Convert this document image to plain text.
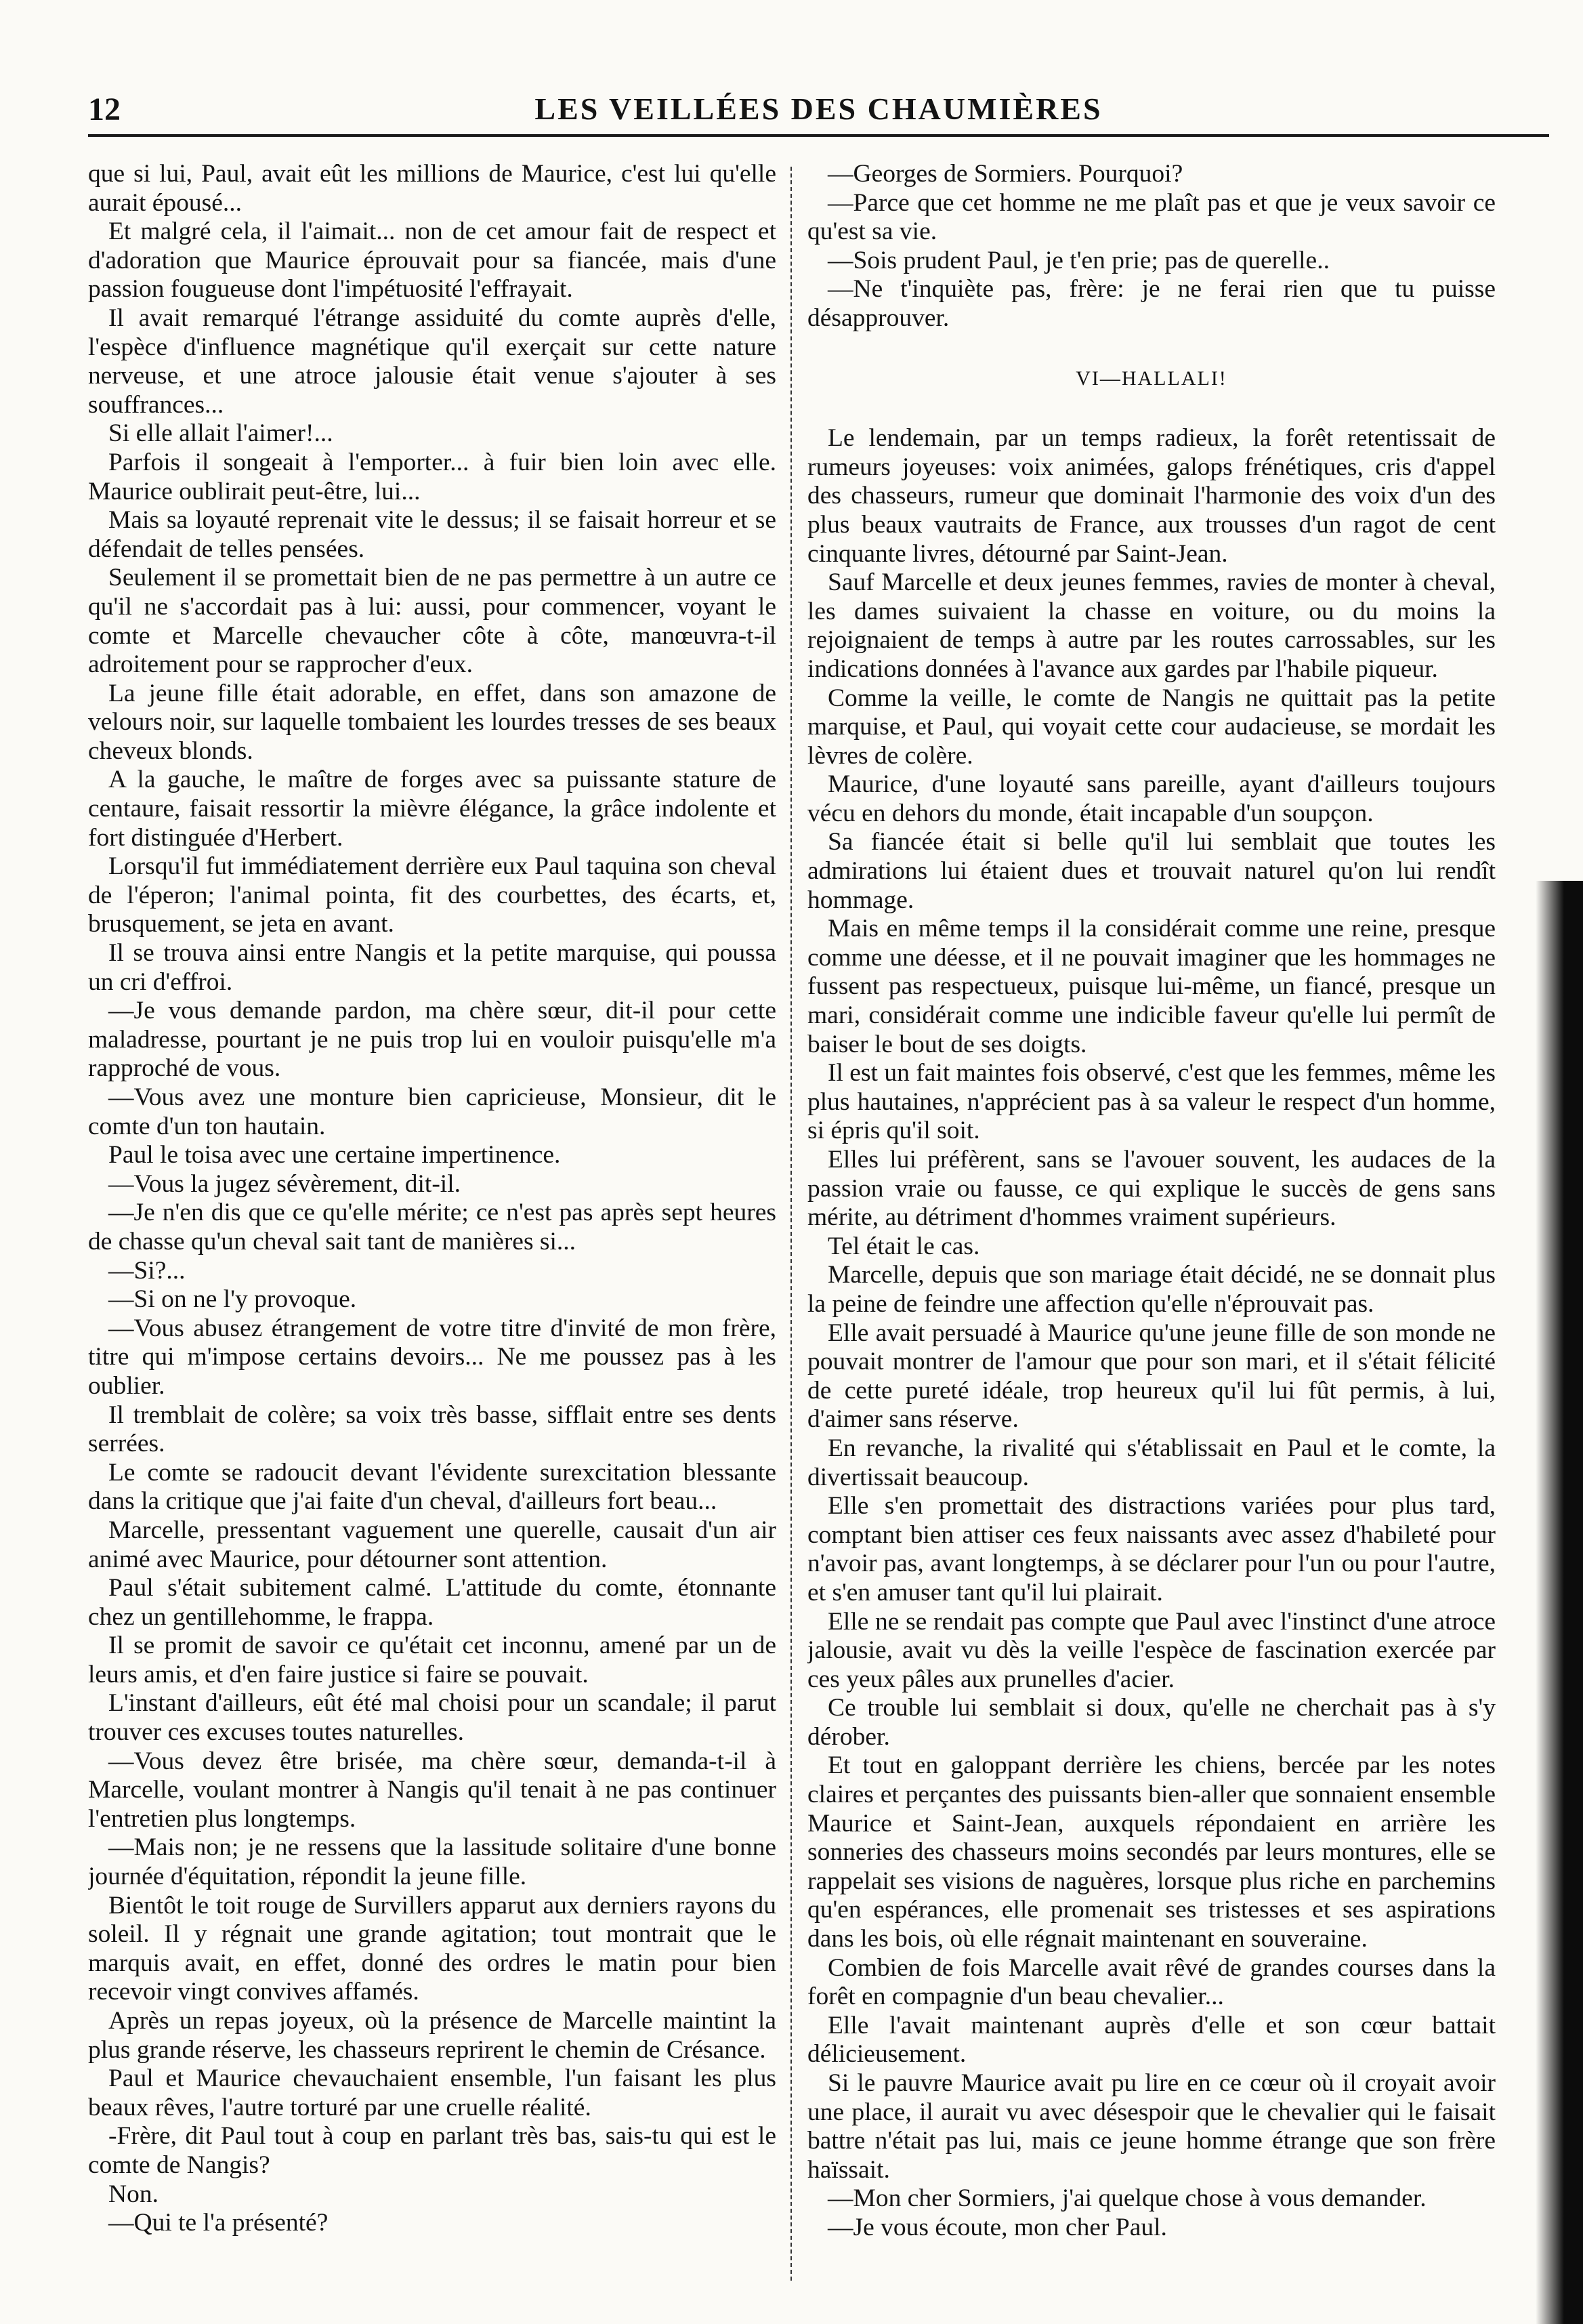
12	LES VEILLÉES DES CHAUMIÈRES

que si lui, Paul, avait eût les millions de Maurice, c'est lui qu'elle aurait épousé...

Et malgré cela, il l'aimait... non de cet amour fait de respect et d'adoration que Maurice éprouvait pour sa fiancée, mais d'une passion fougueuse dont l'impétuosité l'effrayait.

Il avait remarqué l'étrange assiduité du comte auprès d'elle, l'espèce d'influence magnétique qu'il exerçait sur cette nature nerveuse, et une atroce jalousie était venue s'ajouter à ses souffrances...

Si elle allait l'aimer!...

Parfois il songeait à l'emporter... à fuir bien loin avec elle. Maurice oublirait peut-être, lui...

Mais sa loyauté reprenait vite le dessus; il se faisait horreur et se défendait de telles pensées.

Seulement il se promettait bien de ne pas permettre à un autre ce qu'il ne s'accordait pas à lui: aussi, pour commencer, voyant le comte et Marcelle chevaucher côte à côte, manœuvra-t-il adroitement pour se rapprocher d'eux.

La jeune fille était adorable, en effet, dans son amazone de velours noir, sur laquelle tombaient les lourdes tresses de ses beaux cheveux blonds.

A la gauche, le maître de forges avec sa puissante stature de centaure, faisait ressortir la mièvre élégance, la grâce indolente et fort distinguée d'Herbert.

Lorsqu'il fut immédiatement derrière eux Paul taquina son cheval de l'éperon; l'animal pointa, fit des courbettes, des écarts, et, brusquement, se jeta en avant.

Il se trouva ainsi entre Nangis et la petite marquise, qui poussa un cri d'effroi.

—Je vous demande pardon, ma chère sœur, dit-il pour cette maladresse, pourtant je ne puis trop lui en vouloir puisqu'elle m'a rapproché de vous.

—Vous avez une monture bien capricieuse, Monsieur, dit le comte d'un ton hautain.

Paul le toisa avec une certaine impertinence.

—Vous la jugez sévèrement, dit-il.

—Je n'en dis que ce qu'elle mérite; ce n'est pas après sept heures de chasse qu'un cheval sait tant de manières si...

—Si?...

—Si on ne l'y provoque.

—Vous abusez étrangement de votre titre d'invité de mon frère, titre qui m'impose certains devoirs... Ne me poussez pas à les oublier.

Il tremblait de colère; sa voix très basse, sifflait entre ses dents serrées.

Le comte se radoucit devant l'évidente surexcitation blessante dans la critique que j'ai faite d'un cheval, d'ailleurs fort beau...

Marcelle, pressentant vaguement une querelle, causait d'un air animé avec Maurice, pour détourner sont attention.

Paul s'était subitement calmé. L'attitude du comte, étonnante chez un gentillehomme, le frappa.

Il se promit de savoir ce qu'était cet inconnu, amené par un de leurs amis, et d'en faire justice si faire se pouvait.

L'instant d'ailleurs, eût été mal choisi pour un scandale; il parut trouver ces excuses toutes naturelles.

—Vous devez être brisée, ma chère sœur, demanda-t-il à Marcelle, voulant montrer à Nangis qu'il tenait à ne pas continuer l'entretien plus longtemps.

—Mais non; je ne ressens que la lassitude solitaire d'une bonne journée d'équitation, répondit la jeune fille.

Bientôt le toit rouge de Survillers apparut aux derniers rayons du soleil. Il y régnait une grande agitation; tout montrait que le marquis avait, en effet, donné des ordres le matin pour bien recevoir vingt convives affamés.

Après un repas joyeux, où la présence de Marcelle maintint la plus grande réserve, les chasseurs reprirent le chemin de Crésance.

Paul et Maurice chevauchaient ensemble, l'un faisant les plus beaux rêves, l'autre torturé par une cruelle réalité.

-Frère, dit Paul tout à coup en parlant très bas, sais-tu qui est le comte de Nangis?

Non.

—Qui te l'a présenté?

—Georges de Sormiers. Pourquoi?

—Parce que cet homme ne me plaît pas et que je veux savoir ce qu'est sa vie.

—Sois prudent Paul, je t'en prie; pas de querelle..

—Ne t'inquiète pas, frère: je ne ferai rien que tu puisse désapprouver.

VI—HALLALI!

Le lendemain, par un temps radieux, la forêt retentissait de rumeurs joyeuses: voix animées, galops frénétiques, cris d'appel des chasseurs, rumeur que dominait l'harmonie des voix d'un des plus beaux vautraits de France, aux trousses d'un ragot de cent cinquante livres, détourné par Saint-Jean.

Sauf Marcelle et deux jeunes femmes, ravies de monter à cheval, les dames suivaient la chasse en voiture, ou du moins la rejoignaient de temps à autre par les routes carrossables, sur les indications données à l'avance aux gardes par l'habile piqueur.

Comme la veille, le comte de Nangis ne quittait pas la petite marquise, et Paul, qui voyait cette cour audacieuse, se mordait les lèvres de colère.

Maurice, d'une loyauté sans pareille, ayant d'ailleurs toujours vécu en dehors du monde, était incapable d'un soupçon.

Sa fiancée était si belle qu'il lui semblait que toutes les admirations lui étaient dues et trouvait naturel qu'on lui rendît hommage.

Mais en même temps il la considérait comme une reine, presque comme une déesse, et il ne pouvait imaginer que les hommages ne fussent pas respectueux, puisque lui-même, un fiancé, presque un mari, considérait comme une indicible faveur qu'elle lui permît de baiser le bout de ses doigts.

Il est un fait maintes fois observé, c'est que les femmes, même les plus hautaines, n'apprécient pas à sa valeur le respect d'un homme, si épris qu'il soit.

Elles lui préfèrent, sans se l'avouer souvent, les audaces de la passion vraie ou fausse, ce qui explique le succès de gens sans mérite, au détriment d'hommes vraiment supérieurs.

Tel était le cas.

Marcelle, depuis que son mariage était décidé, ne se donnait plus la peine de feindre une affection qu'elle n'éprouvait pas.

Elle avait persuadé à Maurice qu'une jeune fille de son monde ne pouvait montrer de l'amour que pour son mari, et il s'était félicité de cette pureté idéale, trop heureux qu'il lui fût permis, à lui, d'aimer sans réserve.

En revanche, la rivalité qui s'établissait en Paul et le comte, la divertissait beaucoup.

Elle s'en promettait des distractions variées pour plus tard, comptant bien attiser ces feux naissants avec assez d'habileté pour n'avoir pas, avant longtemps, à se déclarer pour l'un ou pour l'autre, et s'en amuser tant qu'il lui plairait.

Elle ne se rendait pas compte que Paul avec l'instinct d'une atroce jalousie, avait vu dès la veille l'espèce de fascination exercée par ces yeux pâles aux prunelles d'acier.

Ce trouble lui semblait si doux, qu'elle ne cherchait pas à s'y dérober.

Et tout en galoppant derrière les chiens, bercée par les notes claires et perçantes des puissants bien-aller que sonnaient ensemble Maurice et Saint-Jean, auxquels répondaient en arrière les sonneries des chasseurs moins secondés par leurs montures, elle se rappelait ses visions de naguères, lorsque plus riche en parchemins qu'en espérances, elle promenait ses tristesses et ses aspirations dans les bois, où elle régnait maintenant en souveraine.

Combien de fois Marcelle avait rêvé de grandes courses dans la forêt en compagnie d'un beau chevalier...

Elle l'avait maintenant auprès d'elle et son cœur battait délicieusement.

Si le pauvre Maurice avait pu lire en ce cœur où il croyait avoir une place, il aurait vu avec désespoir que le chevalier qui le faisait battre n'était pas lui, mais ce jeune homme étrange que son frère haïssait.

—Mon cher Sormiers, j'ai quelque chose à vous demander.

—Je vous écoute, mon cher Paul.
